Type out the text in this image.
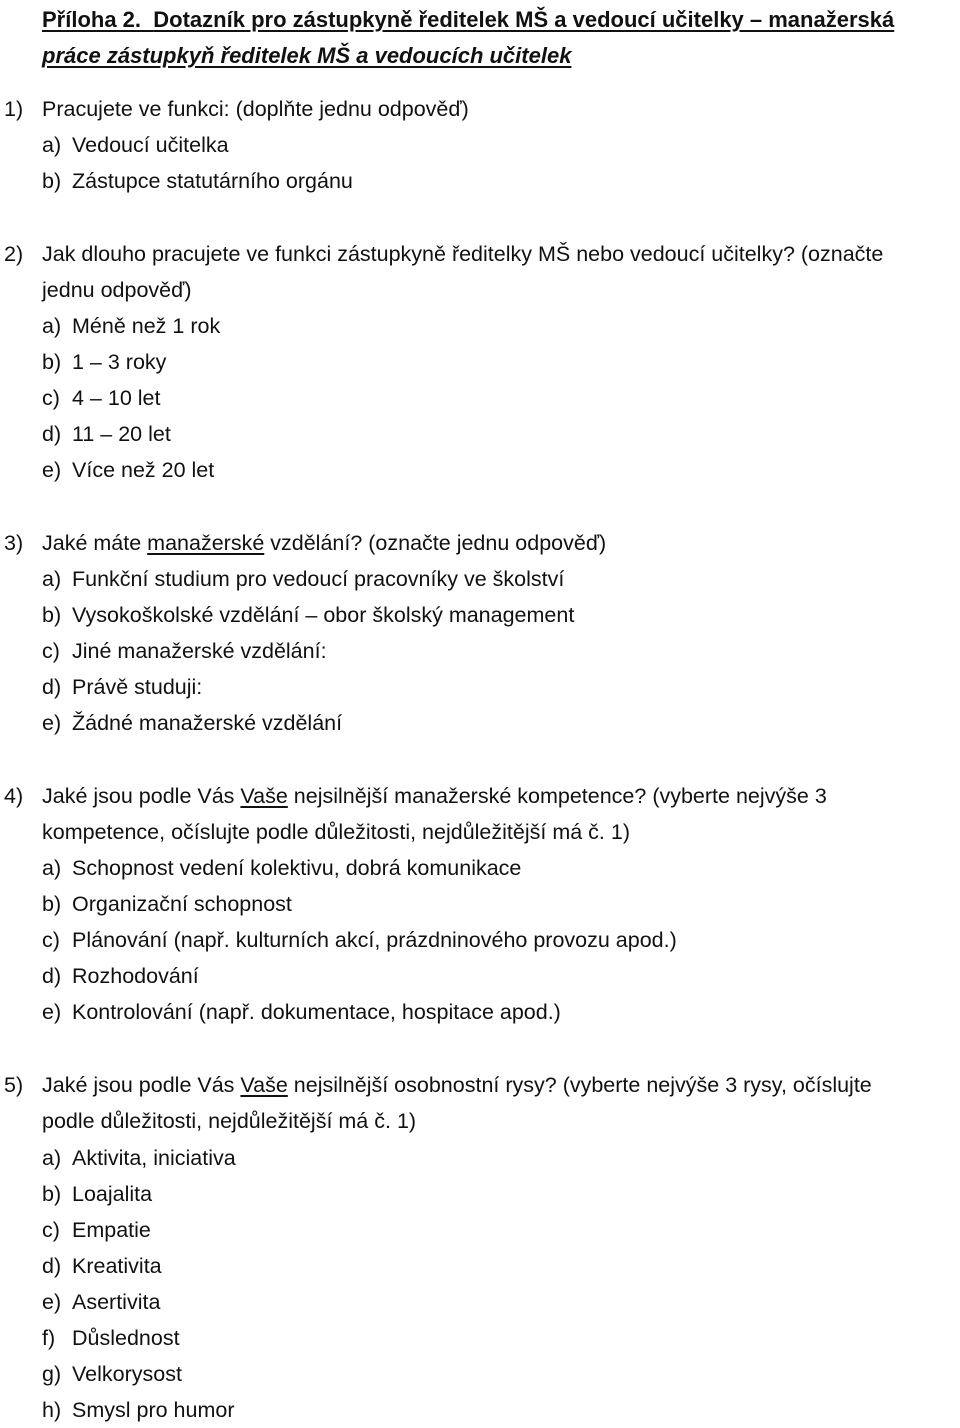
Příloha 2. Dotazník pro zástupkyně ředitelek MŠ a vedoucí učitelky – manažerská
práce zástupkyň ředitelek MŠ a vedoucích učitelek
1) Pracujete ve funkci: (doplňte jednu odpověď)
a) Vedoucí učitelka
b) Zástupce statutárního orgánu
2) Jak dlouho pracujete ve funkci zástupkyně ředitelky MŠ nebo vedoucí učitelky? (označte
jednu odpověď)
a) Méně než 1 rok
b) 1 – 3 roky
c) 4 – 10 let
d) 11 – 20 let
e) Více než 20 let
3) Jaké máte manažerské vzdělání? (označte jednu odpověď)
a) Funkční studium pro vedoucí pracovníky ve školství
b) Vysokoškolské vzdělání – obor školský management
c) Jiné manažerské vzdělání:
d) Právě studuji:
e) Žádné manažerské vzdělání
4) Jaké jsou podle Vás Vaše nejsilnější manažerské kompetence? (vyberte nejvýše 3
kompetence, očíslujte podle důležitosti, nejdůležitější má č. 1)
a) Schopnost vedení kolektivu, dobrá komunikace
b) Organizační schopnost
c) Plánování (např. kulturních akcí, prázdninového provozu apod.)
d) Rozhodování
e) Kontrolování (např. dokumentace, hospitace apod.)
5) Jaké jsou podle Vás Vaše nejsilnější osobnostní rysy? (vyberte nejvýše 3 rysy, očíslujte
podle důležitosti, nejdůležitější má č. 1)
a) Aktivita, iniciativa
b) Loajalita
c) Empatie
d) Kreativita
e) Asertivita
f) Důslednost
g) Velkorysost
h) Smysl pro humor
